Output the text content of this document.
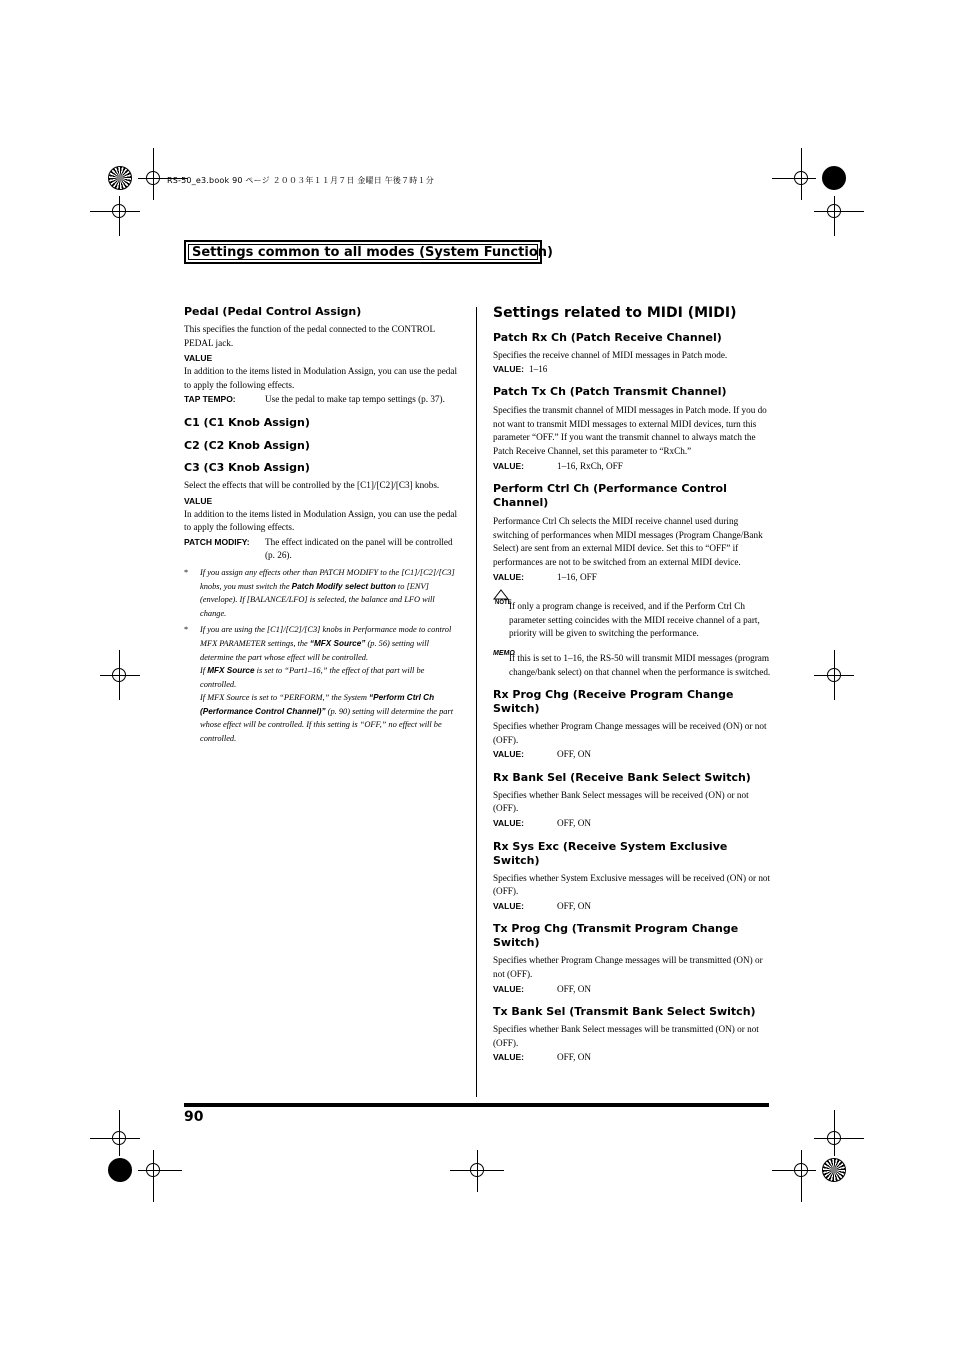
RS-50_e3.book 90 ページ ２００３年１１月７日 金曜日 午後７時１分
Settings common to all modes (System Function)
Pedal (Pedal Control Assign)

This specifies the function of the pedal connected to the CONTROL PEDAL jack.

VALUE

In addition to the items listed in Modulation Assign, you can use the pedal to apply the following effects.

TAP TEMPO:	Use the pedal to make tap tempo settings (p. 37).
C1 (C1 Knob Assign)
C2 (C2 Knob Assign)
C3 (C3 Knob Assign)

Select the effects that will be controlled by the [C1]/[C2]/[C3] knobs.

VALUE

In addition to the items listed in Modulation Assign, you can use the pedal to apply the following effects.

PATCH MODIFY:	The effect indicated on the panel will be controlled (p. 26).
*	If you assign any effects other than PATCH MODIFY to the [C1]/[C2]/[C3] knobs, you must switch the Patch Modify select button to [ENV] (envelope). If [BALANCE/LFO] is selected, the balance and LFO will change.
*	If you are using the [C1]/[C2]/[C3] knobs in Performance mode to control MFX PARAMETER settings, the “MFX Source” (p. 56) setting will determine the part whose effect will be controlled.
If MFX Source is set to “Part1–16,” the effect of that part will be controlled.
If MFX Source is set to “PERFORM,” the System “Perform Ctrl Ch (Performance Control Channel)” (p. 90) setting will determine the part whose effect will be controlled. If this setting is “OFF,” no effect will be controlled.
Settings related to MIDI (MIDI)
Patch Rx Ch (Patch Receive Channel)

Specifies the receive channel of MIDI messages in Patch mode.

VALUE: 1–16
Patch Tx Ch (Patch Transmit Channel)

Specifies the transmit channel of MIDI messages in Patch mode. If you do not want to transmit MIDI messages to external MIDI devices, turn this parameter “OFF.” If you want the transmit channel to always match the Patch Receive Channel, set this parameter to “RxCh.”

VALUE:	1–16, RxCh, OFF
Perform Ctrl Ch (Performance Control Channel)

Performance Ctrl Ch selects the MIDI receive channel used during switching of performances when MIDI messages (Program Change/Bank Select) are sent from an external MIDI device. Set this to “OFF” if performances are not to be switched from an external MIDI device.

VALUE:	1–16, OFF
NOTE

If only a program change is received, and if the Perform Ctrl Ch parameter setting coincides with the MIDI receive channel of a part, priority will be given to switching the performance.

MEMO

If this is set to 1–16, the RS-50 will transmit MIDI messages (program change/bank select) on that channel when the performance is switched.

Rx Prog Chg (Receive Program Change Switch)

Specifies whether Program Change messages will be received (ON) or not (OFF).

VALUE:	OFF, ON
Rx Bank Sel (Receive Bank Select Switch)

Specifies whether Bank Select messages will be received (ON) or not (OFF).

VALUE:	OFF, ON
Rx Sys Exc (Receive System Exclusive Switch)

Specifies whether System Exclusive messages will be received (ON) or not (OFF).

VALUE:	OFF, ON
Tx Prog Chg (Transmit Program Change Switch)

Specifies whether Program Change messages will be transmitted (ON) or not (OFF).

VALUE:	OFF, ON
Tx Bank Sel (Transmit Bank Select Switch)

Specifies whether Bank Select messages will be transmitted (ON) or not (OFF).

VALUE:	OFF, ON
90
